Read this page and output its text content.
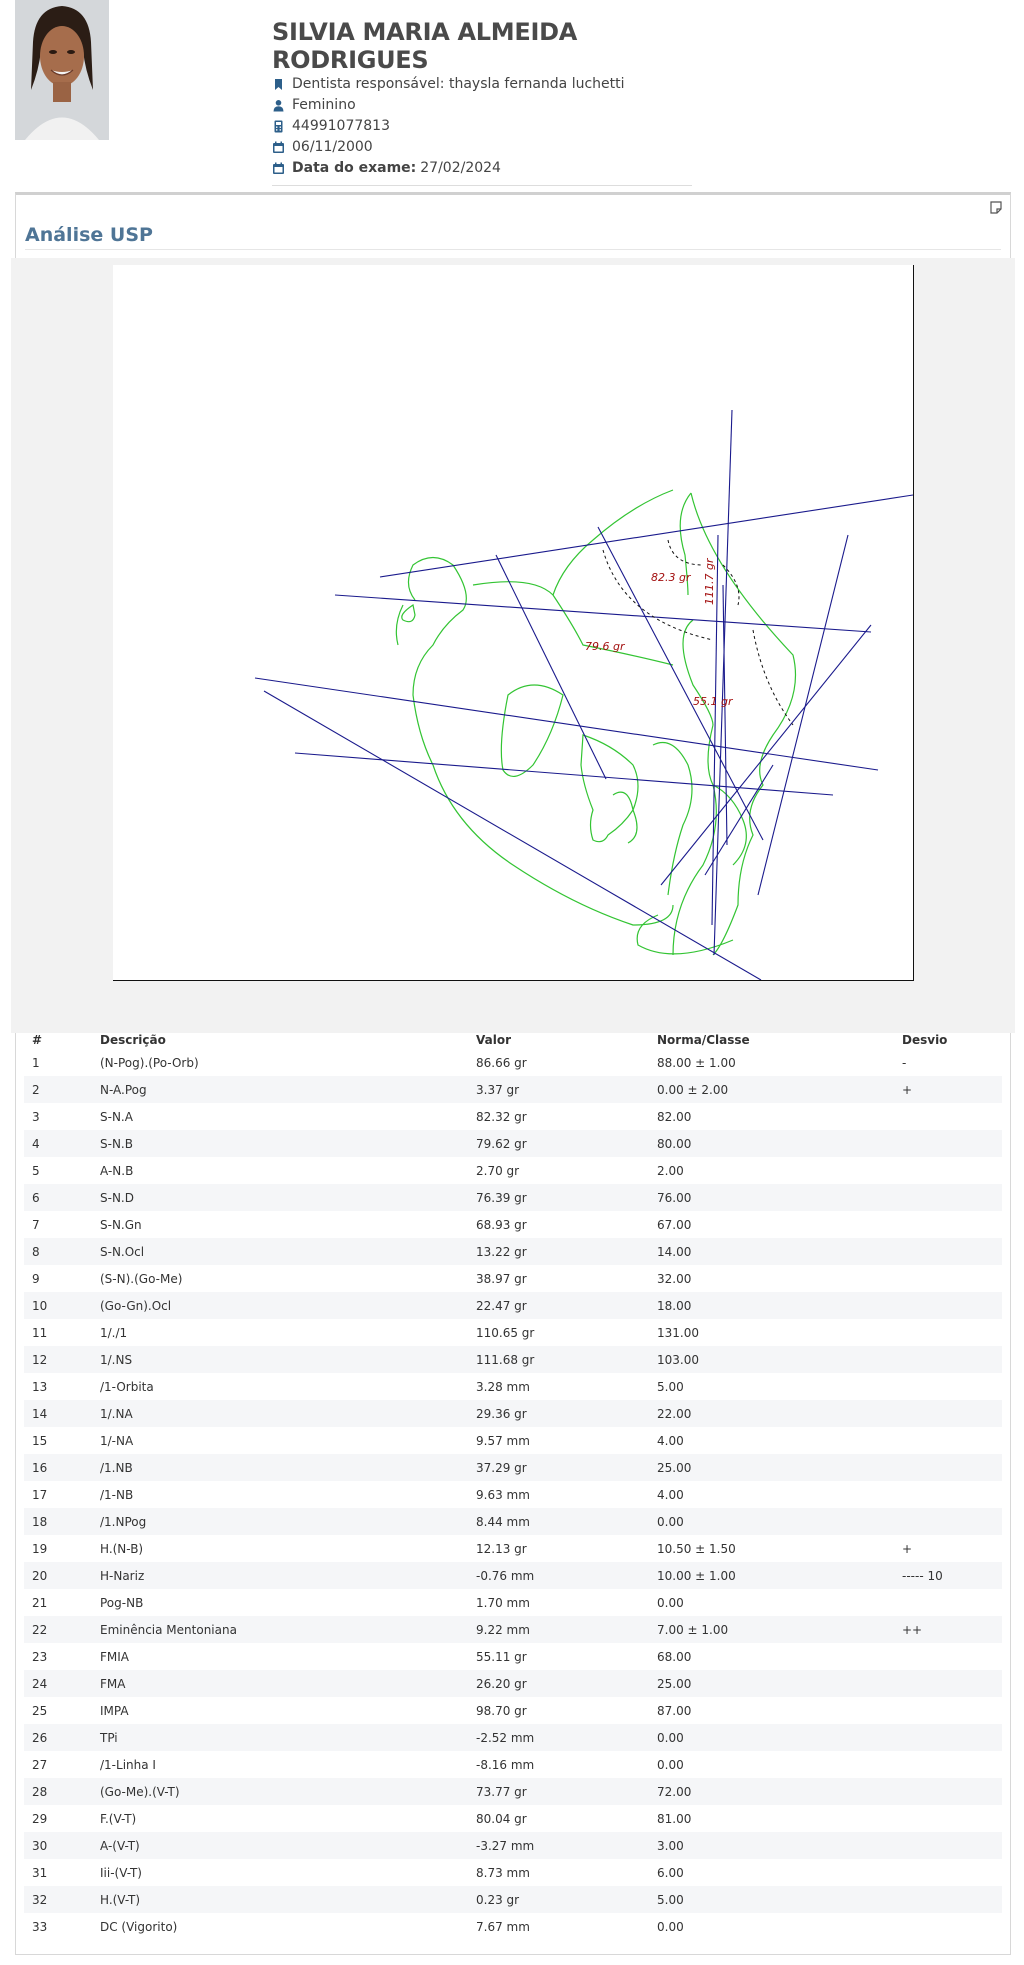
SILVIA MARIA ALMEIDA RODRIGUES
Dentista responsável: thaysla fernanda luchetti
Feminino
44991077813
06/11/2000
Data do exame: 27/02/2024
Análise USP
82.3 gr
79.6 gr
55.1 gr
111.7 gr
#	Descrição	Valor	Norma/Classe	Desvio
1	(N-Pog).(Po-Orb)	86.66 gr	88.00 ± 1.00	-
2	N-A.Pog	3.37 gr	0.00 ± 2.00	+
3	S-N.A	82.32 gr	82.00	
4	S-N.B	79.62 gr	80.00	
5	A-N.B	2.70 gr	2.00	
6	S-N.D	76.39 gr	76.00	
7	S-N.Gn	68.93 gr	67.00	
8	S-N.Ocl	13.22 gr	14.00	
9	(S-N).(Go-Me)	38.97 gr	32.00	
10	(Go-Gn).Ocl	22.47 gr	18.00	
11	1/./1	110.65 gr	131.00	
12	1/.NS	111.68 gr	103.00	
13	/1-Orbita	3.28 mm	5.00	
14	1/.NA	29.36 gr	22.00	
15	1/-NA	9.57 mm	4.00	
16	/1.NB	37.29 gr	25.00	
17	/1-NB	9.63 mm	4.00	
18	/1.NPog	8.44 mm	0.00	
19	H.(N-B)	12.13 gr	10.50 ± 1.50	+
20	H-Nariz	-0.76 mm	10.00 ± 1.00	----- 10
21	Pog-NB	1.70 mm	0.00	
22	Eminência Mentoniana	9.22 mm	7.00 ± 1.00	++
23	FMIA	55.11 gr	68.00	
24	FMA	26.20 gr	25.00	
25	IMPA	98.70 gr	87.00	
26	TPi	-2.52 mm	0.00	
27	/1-Linha I	-8.16 mm	0.00	
28	(Go-Me).(V-T)	73.77 gr	72.00	
29	F.(V-T)	80.04 gr	81.00	
30	A-(V-T)	-3.27 mm	3.00	
31	Iii-(V-T)	8.73 mm	6.00	
32	H.(V-T)	0.23 gr	5.00	
33	DC (Vigorito)	7.67 mm	0.00	
